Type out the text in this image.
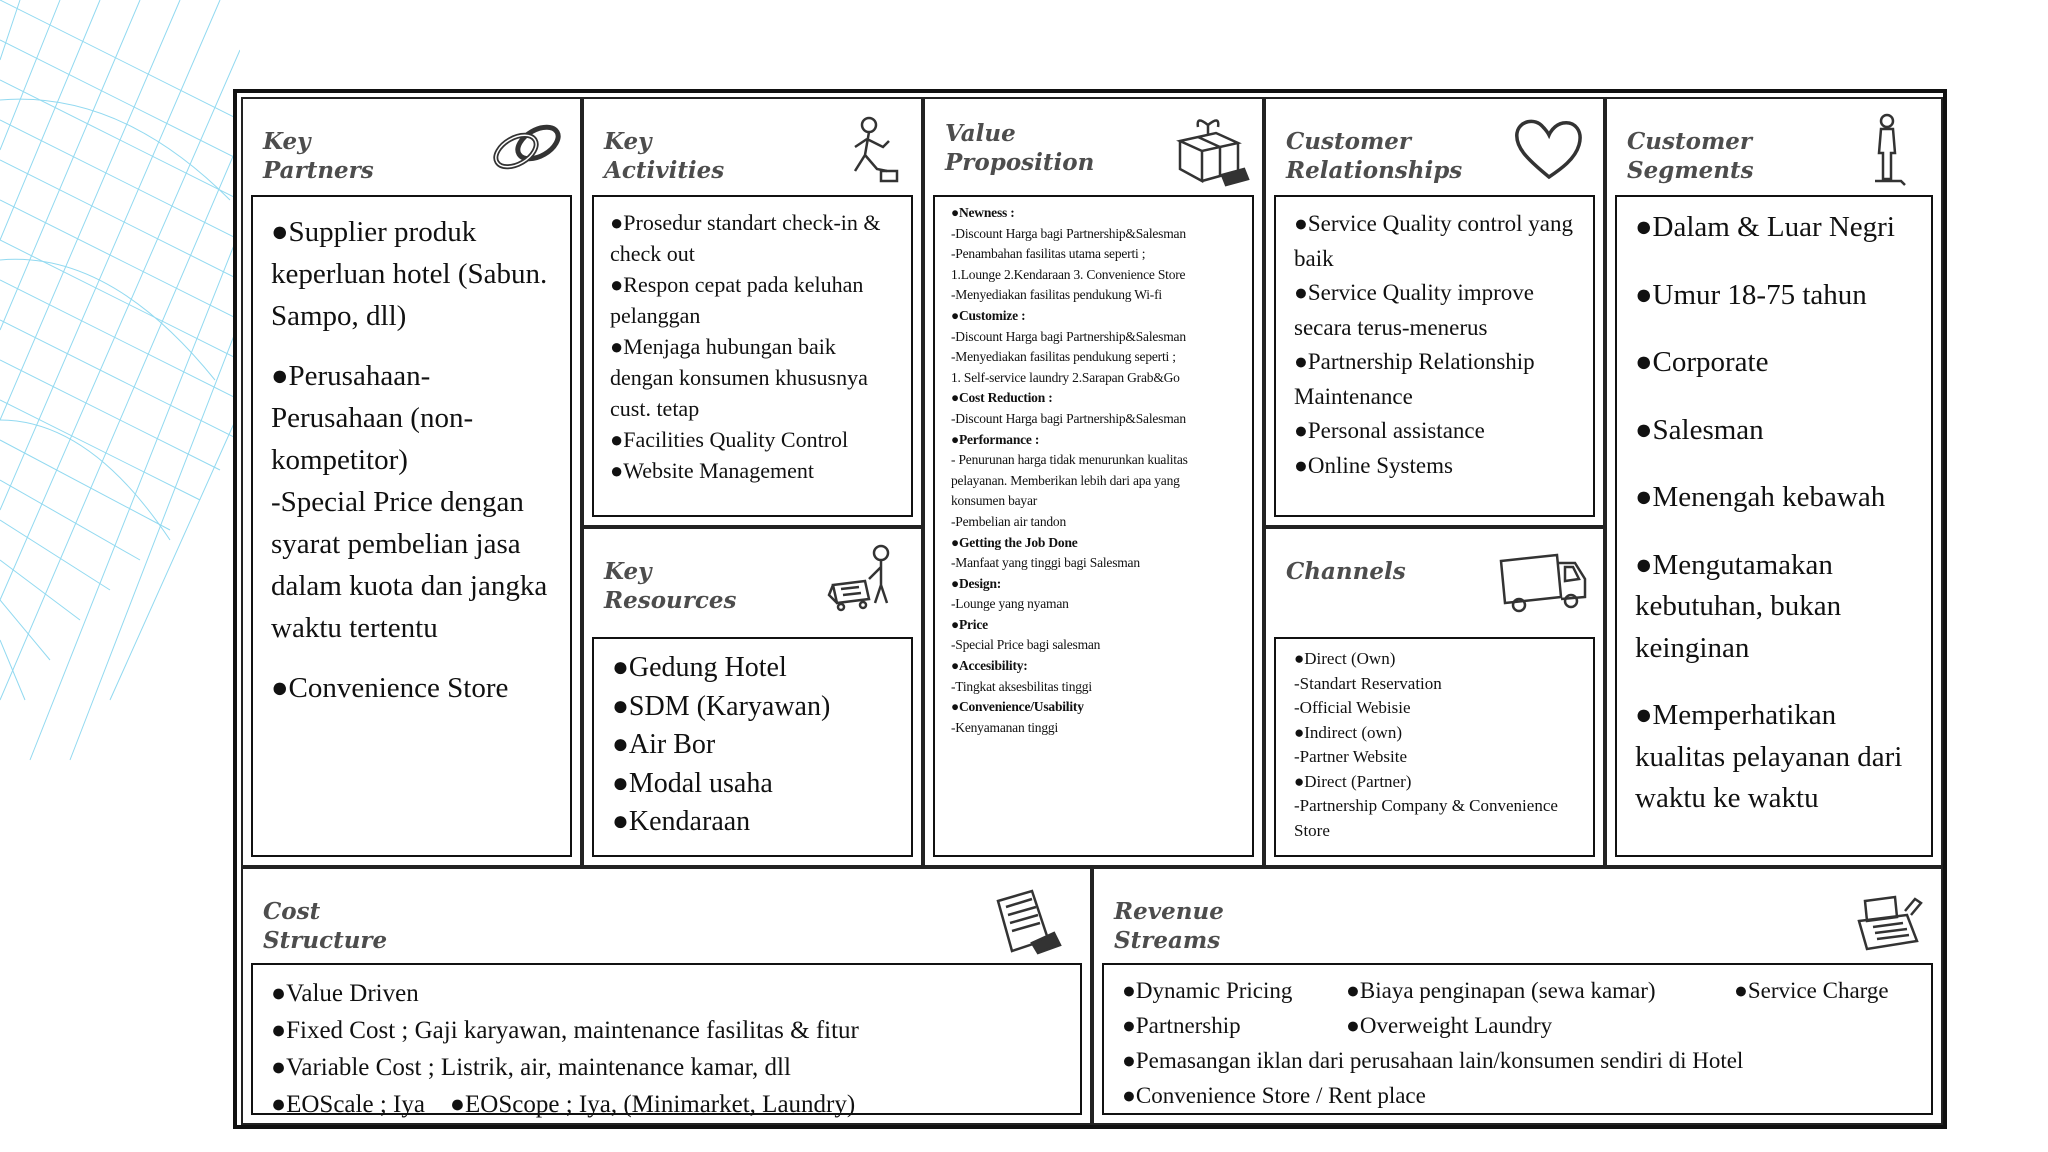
Key
Partners
●Supplier produk keperluan hotel (Sabun. Sampo, dll)
●Perusahaan-Perusahaan (non-kompetitor)
-Special Price dengan syarat pembelian jasa dalam kuota dan jangka waktu tertentu
●Convenience Store
Key
Activities
●Prosedur standart check-in & check out
●Respon cepat pada keluhan pelanggan
●Menjaga hubungan baik dengan konsumen khususnya cust. tetap
●Facilities Quality Control
●Website Management
Key
Resources
●Gedung Hotel
●SDM (Karyawan)
●Air Bor
●Modal usaha
●Kendaraan
Value
Proposition
●Newness :
-Discount Harga bagi Partnership&Salesman
-Penambahan fasilitas utama seperti ;
1.Lounge 2.Kendaraan 3. Convenience Store
-Menyediakan fasilitas pendukung Wi-fi
●Customize :
-Discount Harga bagi Partnership&Salesman
-Menyediakan fasilitas pendukung seperti ;
1. Self-service laundry 2.Sarapan Grab&Go
●Cost Reduction :
-Discount Harga bagi Partnership&Salesman
●Performance :
- Penurunan harga tidak menurunkan kualitas pelayanan. Memberikan lebih dari apa yang konsumen bayar
-Pembelian air tandon
●Getting the Job Done
-Manfaat yang tinggi bagi Salesman
●Design:
-Lounge yang nyaman
●Price
-Special Price bagi salesman
●Accesibility:
-Tingkat aksesbilitas tinggi
●Convenience/Usability
-Kenyamanan tinggi
Customer
Relationships
●Service Quality control yang baik
●Service Quality improve secara terus-menerus
●Partnership Relationship Maintenance
●Personal assistance
●Online Systems
Channels
●Direct (Own)
-Standart Reservation
-Official Webisie
●Indirect (own)
-Partner Website
●Direct (Partner)
-Partnership Company & Convenience Store
Customer
Segments
●Dalam & Luar Negri
●Umur 18-75 tahun
●Corporate
●Salesman
●Menengah kebawah
●Mengutamakan kebutuhan, bukan keinginan
●Memperhatikan kualitas pelayanan dari waktu ke waktu
Cost
Structure
●Value Driven
●Fixed Cost ; Gaji karyawan, maintenance fasilitas & fitur
●Variable Cost ; Listrik, air, maintenance kamar, dll
●EOScale ; Iya    ●EOScope ; Iya, (Minimarket, Laundry)
Revenue
Streams
●Dynamic Pricing	●Biaya penginapan (sewa kamar)	●Service Charge
●Partnership	●Overweight Laundry
●Pemasangan iklan dari perusahaan lain/konsumen sendiri di Hotel
●Convenience Store / Rent place
